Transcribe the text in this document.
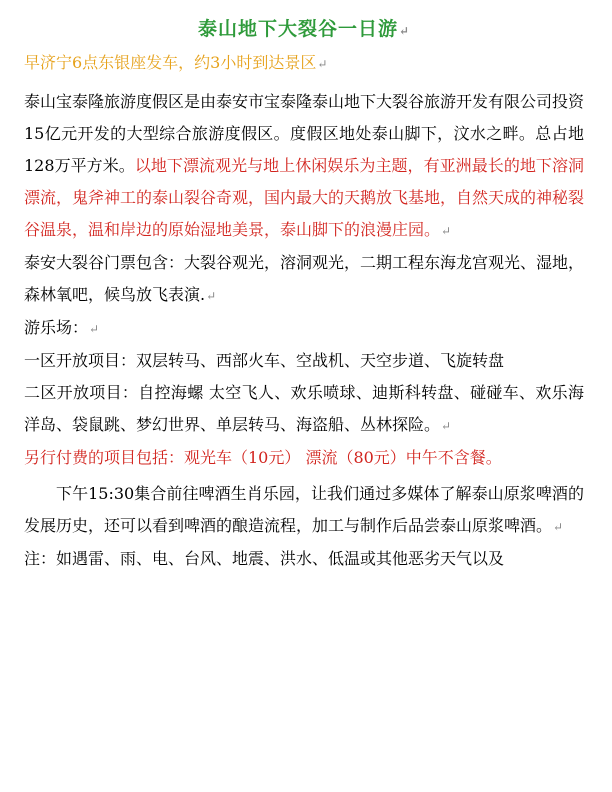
泰山地下大裂谷一日游↵
早济宁6点东银座发车，约3小时到达景区↵
泰山宝泰隆旅游度假区是由泰安市宝泰隆泰山地下大裂谷旅游开发有限公司投资15亿元开发的大型综合旅游度假区。度假区地处泰山脚下，汶水之畔。总占地128万平方米。以地下漂流观光与地上休闲娱乐为主题，有亚洲最长的地下溶洞漂流，鬼斧神工的泰山裂谷奇观，国内最大的天鹅放飞基地，自然天成的神秘裂谷温泉，温和岸边的原始湿地美景，泰山脚下的浪漫庄园。↵
泰安大裂谷门票包含：大裂谷观光，溶洞观光，二期工程东海龙宫观光、湿地，森林氧吧，候鸟放飞表演.↵
游乐场：↵
一区开放项目：双层转马、西部火车、空战机、天空步道、飞旋转盘
二区开放项目：自控海螺 太空飞人、欢乐喷球、迪斯科转盘、碰碰车、欢乐海洋岛、袋鼠跳、梦幻世界、单层转马、海盗船、丛林探险。↵
另行付费的项目包括：观光车（10元） 漂流（80元）中午不含餐。
下午15:30集合前往啤酒生肖乐园，让我们通过多媒体了解泰山原浆啤酒的发展历史，还可以看到啤酒的酿造流程，加工与制作后品尝泰山原浆啤酒。↵
注：如遇雷、雨、电、台风、地震、洪水、低温或其他恶劣天气以及
